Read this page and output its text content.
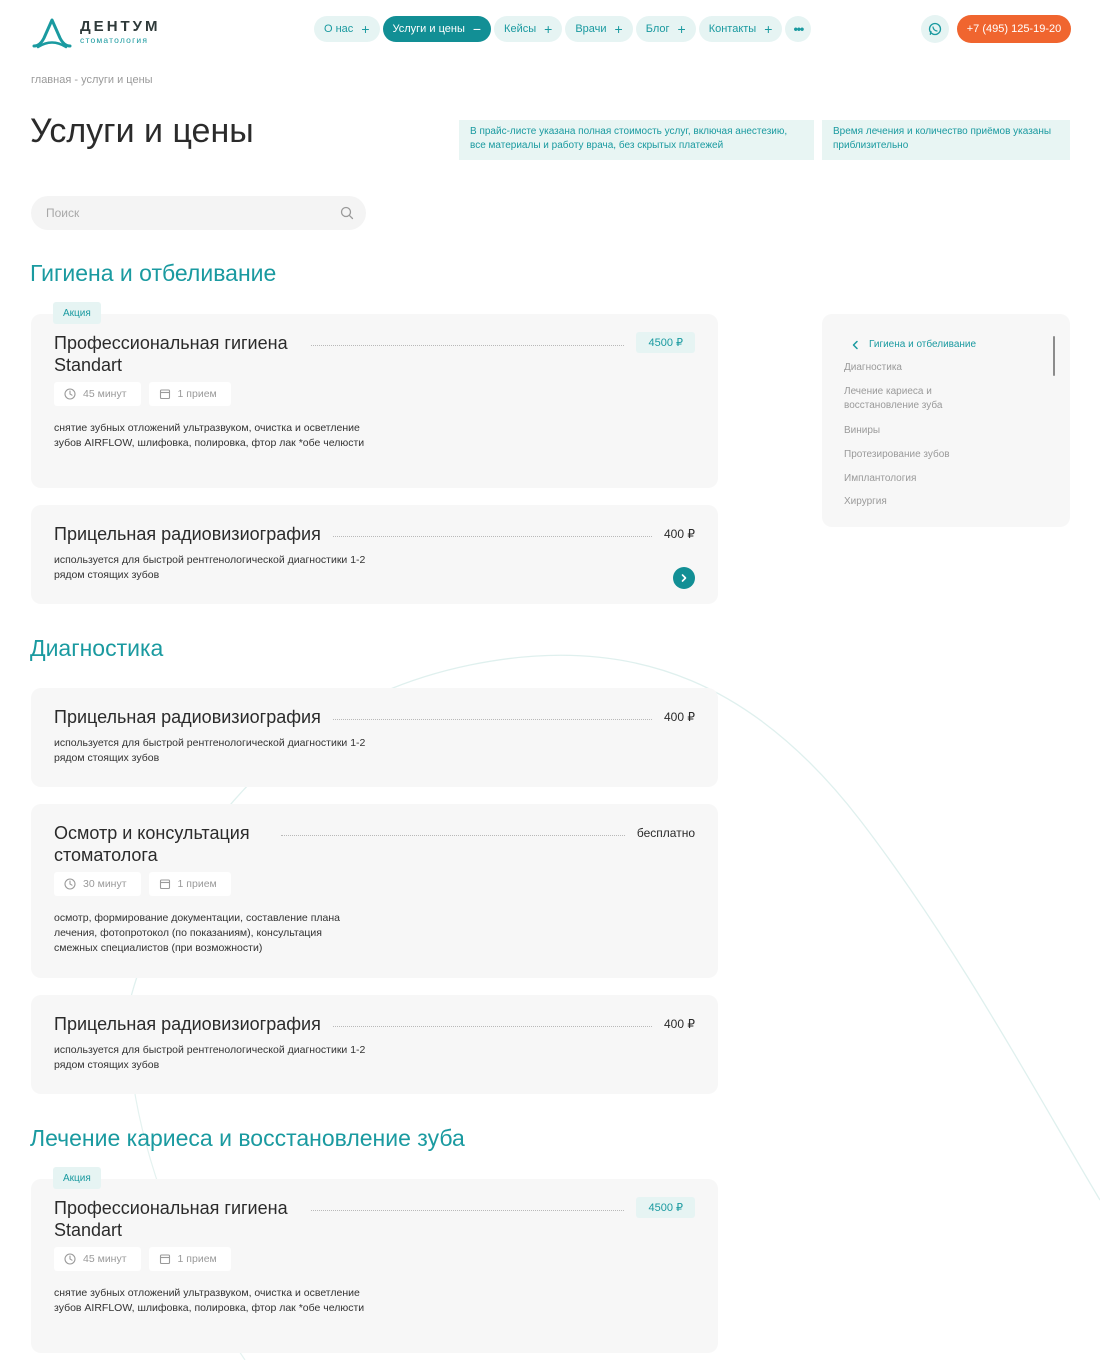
ДЕНТУМ
стоматология
О нас + Услуги и цены − Кейсы + Врачи + Блог + Контакты +	•••	+7 (495) 125-19-20
главная - услуги и цены
Услуги и цены	В прайс-листе указана полная стоимость услуг, включая анестезию, все материалы и работу врача, без скрытых платежей
Время лечения и количество приёмов указаны приблизительно
Поиск
Гигиена и отбеливание
Акция
Профессиональная гигиена Standart
4500 ₽
45 минут	1 прием
снятие зубных отложений ультразвуком, очистка и осветление зубов AIRFLOW, шлифовка, полировка, фтор лак *обе челюсти
Прицельная радиовизиография	400 ₽
используется для быстрой рентгенологической диагностики 1-2 рядом стоящих зубов
Диагностика
Прицельная радиовизиография	400 ₽
используется для быстрой рентгенологической диагностики 1-2 рядом стоящих зубов
Осмотр и консультация стоматолога
бесплатно
30 минут	1 прием
осмотр, формирование документации, составление плана лечения, фотопротокол (по показаниям), консультация смежных специалистов (при возможности)
Прицельная радиовизиография	400 ₽
используется для быстрой рентгенологической диагностики 1-2 рядом стоящих зубов
Лечение кариеса и восстановление зуба
Акция
Профессиональная гигиена Standart
4500 ₽
45 минут	1 прием
снятие зубных отложений ультразвуком, очистка и осветление зубов AIRFLOW, шлифовка, полировка, фтор лак *обе челюсти
Гигиена и отбеливание
Диагностика
Лечение кариеса и восстановление зуба
Виниры
Протезирование зубов
Имплантология
Хирургия
